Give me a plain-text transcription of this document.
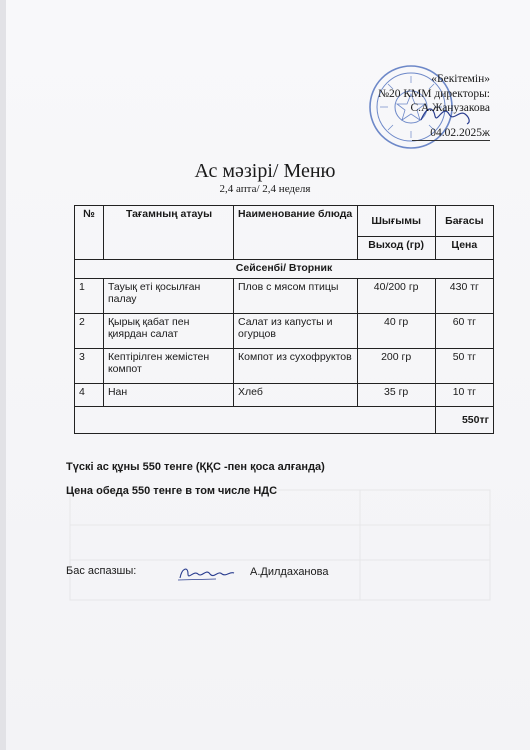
«Бекітемін»
№20 КММ директоры:
С.А.Жанузакова
04.02.2025ж
Ас мәзірі/ Меню
2,4 апта/ 2,4 неделя
№	Тағамның атауы	Наименование блюда	Шығымы	Бағасы
			Выход (гр)	Цена
Сейсенбі/ Вторник				
1	Тауық еті қосылған палау	Плов с мясом птицы	40/200 гр	430 тг
2	Қырық қабат пен қиярдан салат	Салат из капусты и огурцов	40 гр	60 тг
3	Кептірілген жемістен компот	Компот из сухофруктов	200 гр	50 тг
4	Нан	Хлеб	35 гр	10 тг
				550тг
Түскі ас құны 550 тенге (ҚҚС -пен қоса алғанда)
Цена обеда 550 тенге в том числе НДС
Бас аспазшы:	А.Дилдаханова
